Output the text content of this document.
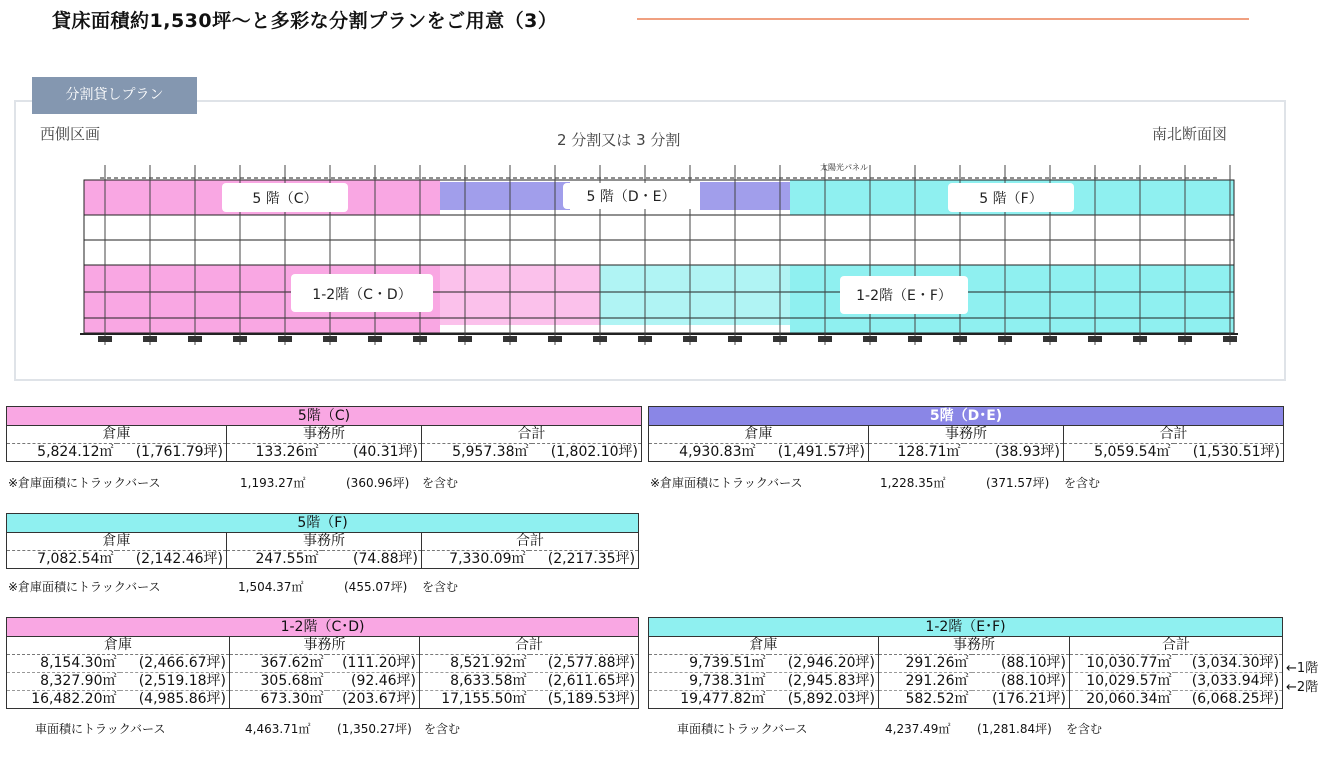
貸床面積約1,530坪〜と多彩な分割プランをご用意（3）
分割貸しプラン
西側区画	2 分割又は 3 分割	南北断面図
5 階（C）	5 階（D・E）	5 階（F）
1-2階（C・D）	1-2階（E・F）
太陽光パネル
5階（C)					
倉庫		事務所		合計	
5,824.12㎡	(1,761.79坪)	133.26㎡	(40.31坪)	5,957.38㎡	(1,802.10坪)
※倉庫面積にトラックバース	1,193.27㎡	(360.96坪) を含む
5階（D･E)					
倉庫		事務所		合計	
4,930.83㎡	(1,491.57坪)	128.71㎡	(38.93坪)	5,059.54㎡	(1,530.51坪)
※倉庫面積にトラックバース	1,228.35㎡	(371.57坪) を含む
5階（F)					
倉庫		事務所		合計	
7,082.54㎡	(2,142.46坪)	247.55㎡	(74.88坪)	7,330.09㎡	(2,217.35坪)
※倉庫面積にトラックバース	1,504.37㎡	(455.07坪) を含む
1-2階（C･D)					
倉庫		事務所		合計	
8,154.30㎡	(2,466.67坪)	367.62㎡	(111.20坪)	8,521.92㎡	(2,577.88坪)
8,327.90㎡	(2,519.18坪)	305.68㎡	(92.46坪)	8,633.58㎡	(2,611.65坪)
16,482.20㎡	(4,985.86坪)	673.30㎡	(203.67坪)	17,155.50㎡	(5,189.53坪)
車面積にトラックバース	4,463.71㎡ (1,350.27坪) を含む
1-2階（E･F)					
倉庫		事務所		合計	
9,739.51㎡	(2,946.20坪)	291.26㎡	(88.10坪)	10,030.77㎡	(3,034.30坪)
9,738.31㎡	(2,945.83坪)	291.26㎡	(88.10坪)	10,029.57㎡	(3,033.94坪)
19,477.82㎡	(5,892.03坪)	582.52㎡	(176.21坪)	20,060.34㎡	(6,068.25坪)
←1階
←2階
車面積にトラックバース	4,237.49㎡ (1,281.84坪) を含む
